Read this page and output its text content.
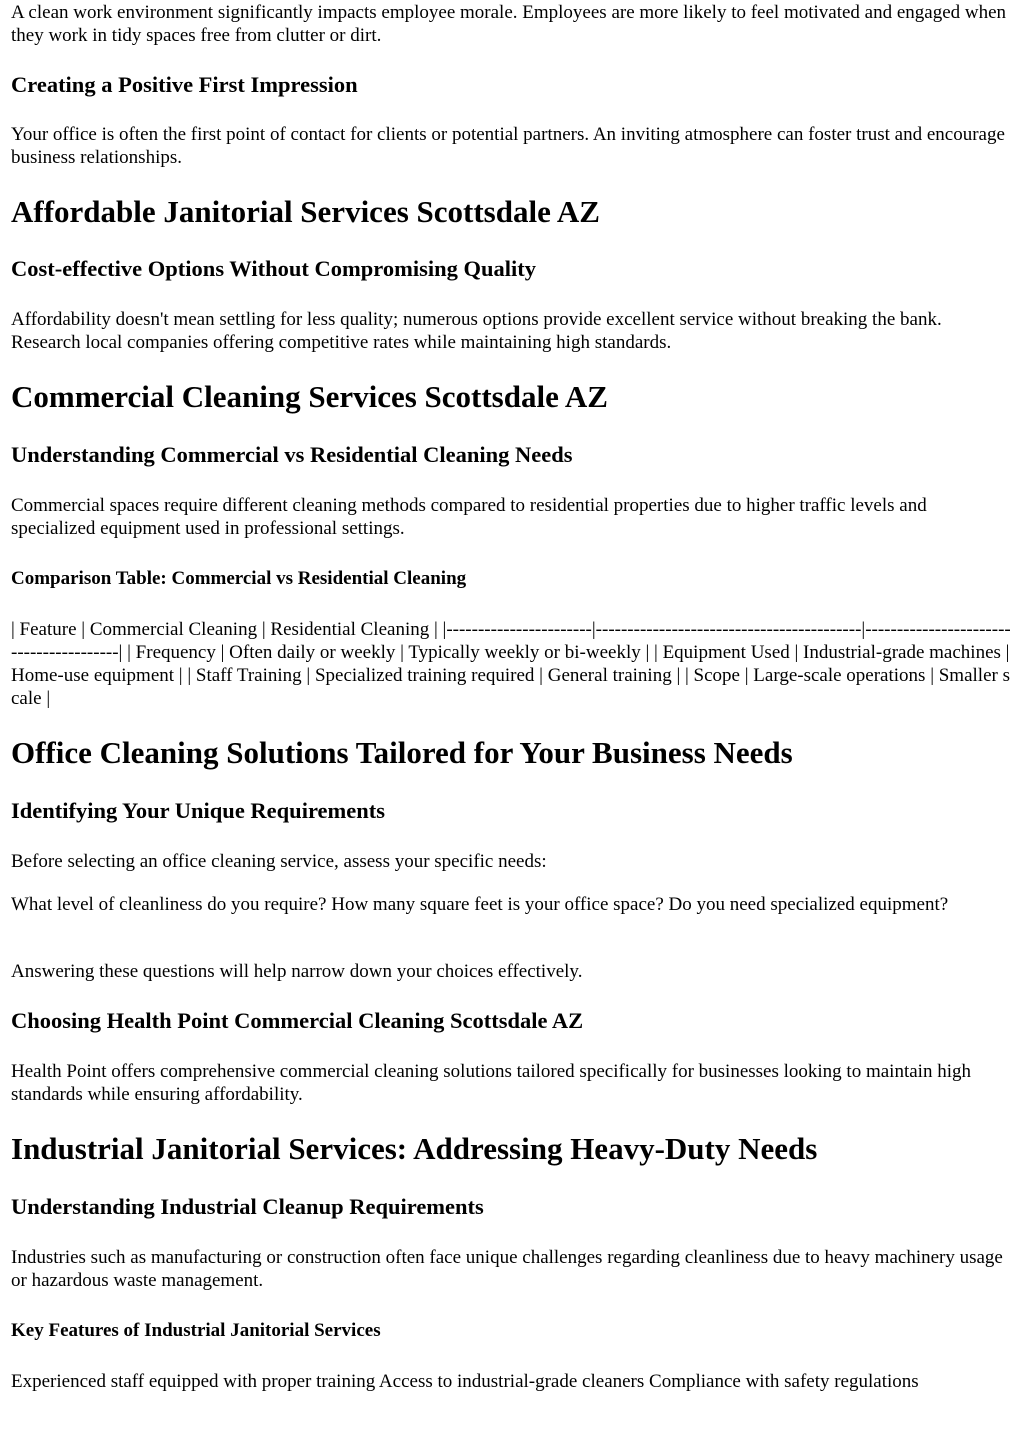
A clean work environment significantly impacts employee morale. Employees are more likely to feel motivated and engaged when they work in tidy spaces free from clutter or dirt.

Creating a Positive First Impression

Your office is often the first point of contact for clients or potential partners. An inviting atmosphere can foster trust and encourage business relationships.

Affordable Janitorial Services Scottsdale AZ
Cost-effective Options Without Compromising Quality

Affordability doesn't mean settling for less quality; numerous options provide excellent service without breaking the bank. Research local companies offering competitive rates while maintaining high standards.

Commercial Cleaning Services Scottsdale AZ
Understanding Commercial vs Residential Cleaning Needs

Commercial spaces require different cleaning methods compared to residential properties due to higher traffic levels and specialized equipment used in professional settings.

Comparison Table: Commercial vs Residential Cleaning

| Feature | Commercial Cleaning | Residential Cleaning | |-----------------------|------------------------------------------|----------------------------------------| | Frequency | Often daily or weekly | Typically weekly or bi-weekly | | Equipment Used | Industrial-grade machines | Home-use equipment | | Staff Training | Specialized training required | General training | | Scope | Large-scale operations | Smaller scale |

Office Cleaning Solutions Tailored for Your Business Needs
Identifying Your Unique Requirements

Before selecting an office cleaning service, assess your specific needs:

What level of cleanliness do you require? How many square feet is your office space? Do you need specialized equipment?

Answering these questions will help narrow down your choices effectively.

Choosing Health Point Commercial Cleaning Scottsdale AZ

Health Point offers comprehensive commercial cleaning solutions tailored specifically for businesses looking to maintain high standards while ensuring affordability.

Industrial Janitorial Services: Addressing Heavy-Duty Needs
Understanding Industrial Cleanup Requirements

Industries such as manufacturing or construction often face unique challenges regarding cleanliness due to heavy machinery usage or hazardous waste management.

Key Features of Industrial Janitorial Services

Experienced staff equipped with proper training Access to industrial-grade cleaners Compliance with safety regulations
